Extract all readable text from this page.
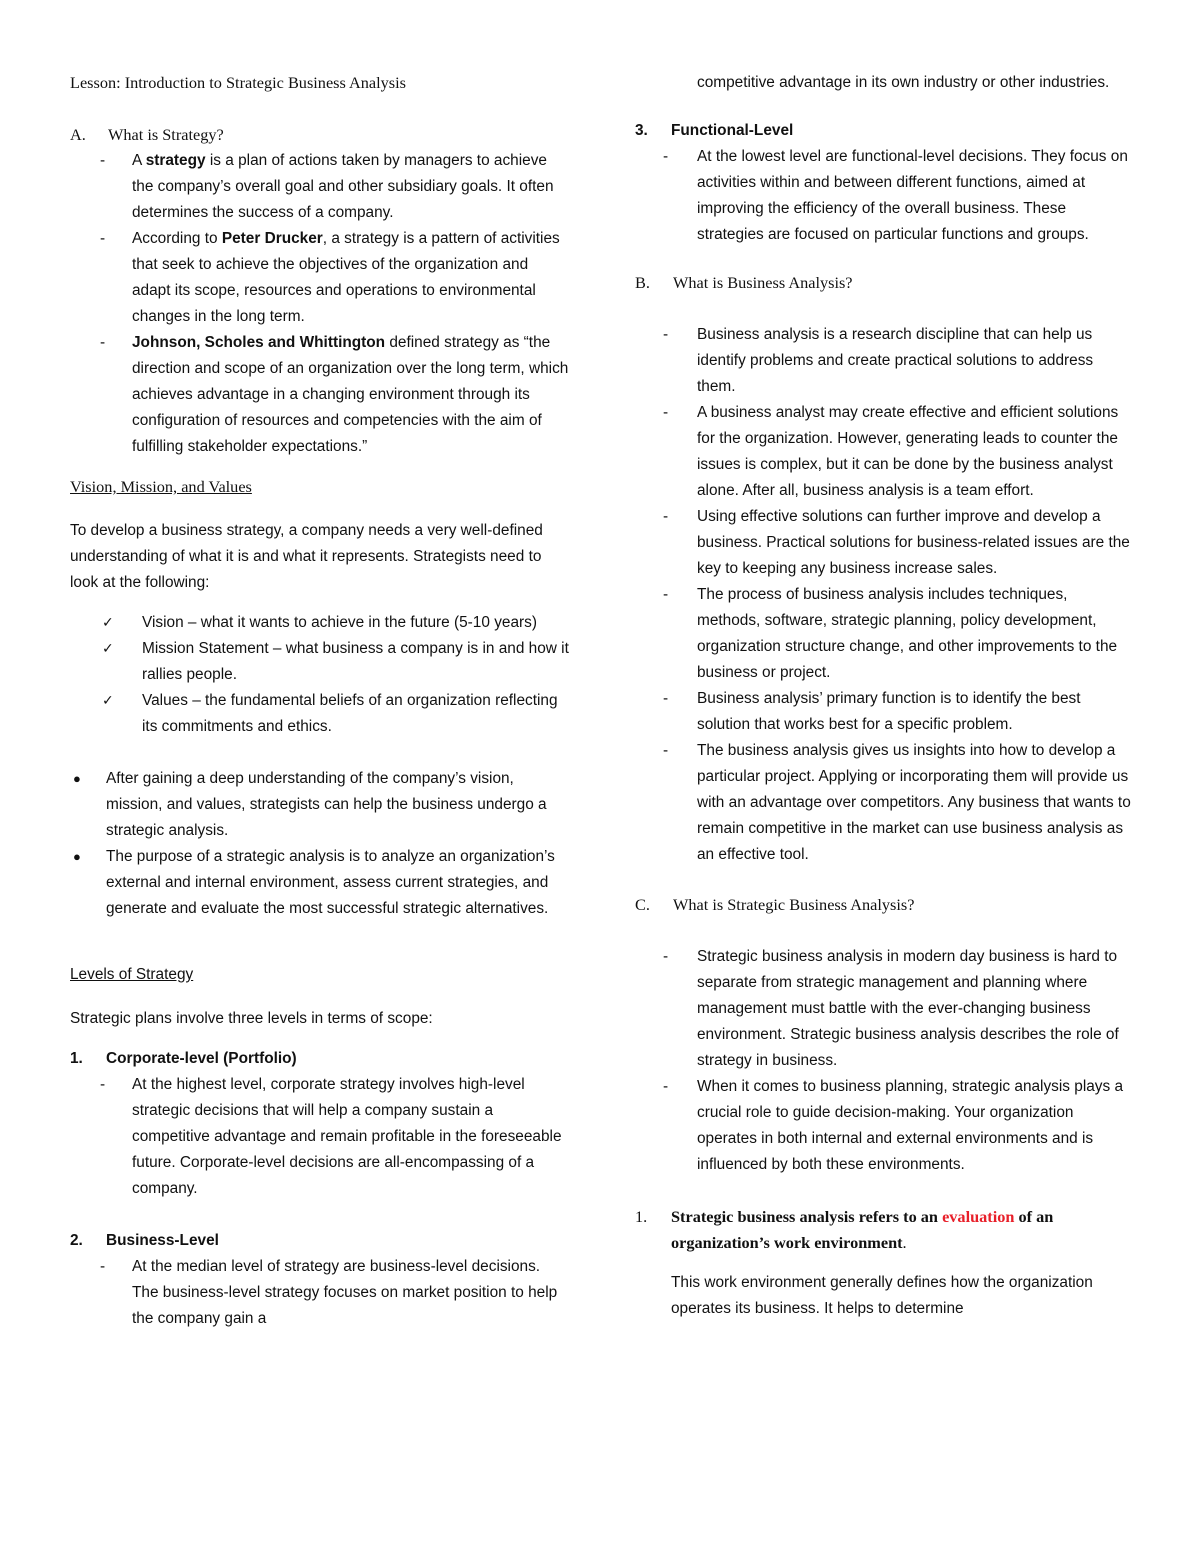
Lesson: Introduction to Strategic Business Analysis

A.	What is Strategy?
-	A strategy is a plan of actions taken by managers to achieve the company’s overall goal and other subsidiary goals. It often determines the success of a company.
-	According to Peter Drucker, a strategy is a pattern of activities that seek to achieve the objectives of the organization and adapt its scope, resources and operations to environmental changes in the long term.
-	Johnson, Scholes and Whittington defined strategy as “the direction and scope of an organization over the long term, which achieves advantage in a changing environment through its configuration of resources and competencies with the aim of fulfilling stakeholder expectations.”

Vision, Mission, and Values

To develop a business strategy, a company needs a very well-defined understanding of what it is and what it represents. Strategists need to look at the following:

✓	Vision – what it wants to achieve in the future (5-10 years)
✓	Mission Statement – what business a company is in and how it rallies people.
✓	Values – the fundamental beliefs of an organization reflecting its commitments and ethics.
●	After gaining a deep understanding of the company’s vision, mission, and values, strategists can help the business undergo a strategic analysis.
●	The purpose of a strategic analysis is to analyze an organization’s external and internal environment, assess current strategies, and generate and evaluate the most successful strategic alternatives.

Levels of Strategy

Strategic plans involve three levels in terms of scope:

1.	Corporate-level (Portfolio)
-	At the highest level, corporate strategy involves high-level strategic decisions that will help a company sustain a competitive advantage and remain profitable in the foreseeable future. Corporate-level decisions are all-encompassing of a company.
2.	Business-Level
-	At the median level of strategy are business-level decisions. The business-level strategy focuses on market position to help the company gain a

competitive advantage in its own industry or other industries.

3.	Functional-Level
-	At the lowest level are functional-level decisions. They focus on activities within and between different functions, aimed at improving the efficiency of the overall business. These strategies are focused on particular functions and groups.
B.	What is Business Analysis?
-	Business analysis is a research discipline that can help us identify problems and create practical solutions to address them.
-	A business analyst may create effective and efficient solutions for the organization. However, generating leads to counter the issues is complex, but it can be done by the business analyst alone. After all, business analysis is a team effort.
-	Using effective solutions can further improve and develop a business. Practical solutions for business-related issues are the key to keeping any business increase sales.
-	The process of business analysis includes techniques, methods, software, strategic planning, policy development, organization structure change, and other improvements to the business or project.
-	Business analysis’ primary function is to identify the best solution that works best for a specific problem.
-	The business analysis gives us insights into how to develop a particular project. Applying or incorporating them will provide us with an advantage over competitors. Any business that wants to remain competitive in the market can use business analysis as an effective tool.
C.	What is Strategic Business Analysis?
-	Strategic business analysis in modern day business is hard to separate from strategic management and planning where management must battle with the ever-changing business environment. Strategic business analysis describes the role of strategy in business.
-	When it comes to business planning, strategic analysis plays a crucial role to guide decision-making. Your organization operates in both internal and external environments and is influenced by both these environments.
1.	Strategic business analysis refers to an evaluation of an organization’s work environment.

This work environment generally defines how the organization operates its business. It helps to determine
